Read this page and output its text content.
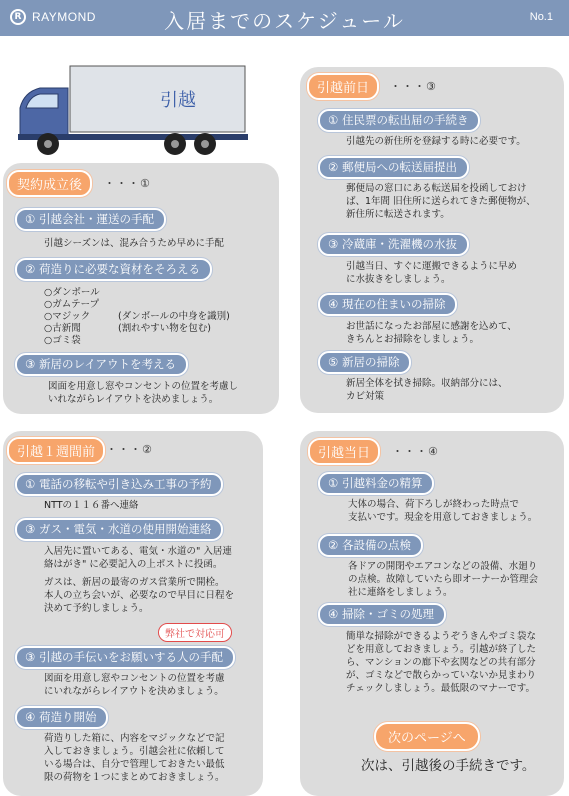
R RAYMOND	入居までのスケジュール	No.1
引越
契約成立後	・・・①
① 引越会社・運送の手配
引越シーズンは、混み合うため早めに手配
② 荷造りに必要な資材をそろえる
○ダンボール
○ガムテープ
○マジック	(ダンボールの中身を識別)
○古新聞	(割れやすい物を包む)
○ゴミ袋
③ 新居のレイアウトを考える
図面を用意し窓やコンセントの位置を考慮し
いれながらレイアウトを決めましょう。
引越１週間前 ・・・②
① 電話の移転や引き込み工事の予約
NTTの１１６番へ連絡
③ ガス・電気・水道の使用開始連絡
入居先に置いてある、電気・水道の" 入居連
絡はがき" に必要記入の上ポストに投函。
ガスは、新居の最寄のガス営業所で開栓。
本人の立ち会いが、必要なので早目に日程を
決めて予約しましょう。
弊社で対応可
③ 引越の手伝いをお願いする人の手配
図面を用意し窓やコンセントの位置を考慮
にいれながらレイアウトを決めましょう。
④ 荷造り開始
荷造りした箱に、内容をマジックなどで記
入しておきましょう。引越会社に依頼して
いる場合は、自分で管理しておきたい最低
限の荷物を１つにまとめておきましょう。
引越前日	・・・③
① 住民票の転出届の手続き
引越先の新住所を登録する時に必要です。
② 郵便局への転送届提出
郵便局の窓口にある転送届を投函しておけ
ば、1年間 旧住所に送られてきた郵便物が、
新住所に転送されます。
③ 冷蔵庫・洗濯機の水抜
引越当日、すぐに運搬できるように早め
に水抜きをしましょう。
④ 現在の住まいの掃除
お世話になったお部屋に感謝を込めて、
きちんとお掃除をしましょう。
⑤ 新居の掃除
新居全体を拭き掃除。収納部分には、
カビ対策
引越当日	・・・④
① 引越料金の精算
大体の場合、荷下ろしが終わった時点で
支払いです。現金を用意しておきましょう。
② 各設備の点検
各ドアの開閉やエアコンなどの設備、水廻り
の点検。故障していたら即オーナーか管理会
社に連絡をしましょう。
④ 掃除・ゴミの処理
簡単な掃除ができるようぞうきんやゴミ袋な
どを用意しておきましょう。引越が終了した
ら、マンションの廊下や玄関などの共有部分
が、ゴミなどで散らかっていないか見まわり
チェックしましょう。最低限のマナーです。
次のページへ
次は、引越後の手続きです。
